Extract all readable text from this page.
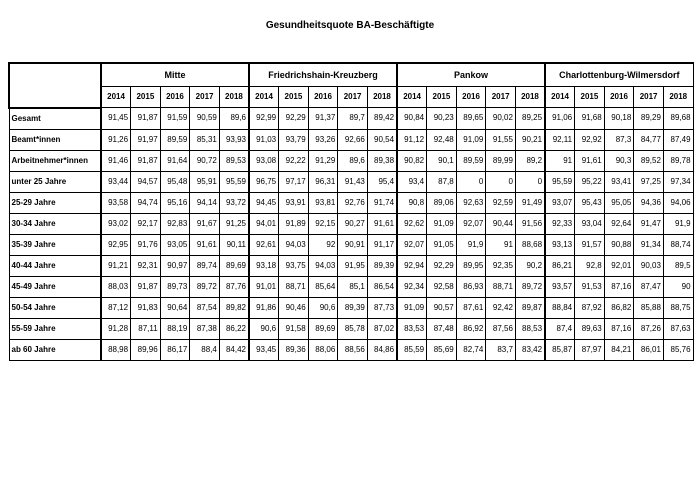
Gesundheitsquote BA-Beschäftigte
	Mitte					Friedrichshain-Kreuzberg					Pankow					Charlottenburg-Wilmersdorf				
	2014	2015	2016	2017	2018	2014	2015	2016	2017	2018	2014	2015	2016	2017	2018	2014	2015	2016	2017	2018
Gesamt	91,45	91,87	91,59	90,59	89,6	92,99	92,29	91,37	89,7	89,42	90,84	90,23	89,65	90,02	89,25	91,06	91,68	90,18	89,29	89,68
Beamt*innen	91,26	91,97	89,59	85,31	93,93	91,03	93,79	93,26	92,66	90,54	91,12	92,48	91,09	91,55	90,21	92,11	92,92	87,3	84,77	87,49
Arbeitnehmer*innen	91,46	91,87	91,64	90,72	89,53	93,08	92,22	91,29	89,6	89,38	90,82	90,1	89,59	89,99	89,2	91	91,61	90,3	89,52	89,78
unter 25 Jahre	93,44	94,57	95,48	95,91	95,59	96,75	97,17	96,31	91,43	95,4	93,4	87,8	0	0	0	95,59	95,22	93,41	97,25	97,34
25-29 Jahre	93,58	94,74	95,16	94,14	93,72	94,45	93,91	93,81	92,76	91,74	90,8	89,06	92,63	92,59	91,49	93,07	95,43	95,05	94,36	94,06
30-34 Jahre	93,02	92,17	92,83	91,67	91,25	94,01	91,89	92,15	90,27	91,61	92,62	91,09	92,07	90,44	91,56	92,33	93,04	92,64	91,47	91,9
35-39 Jahre	92,95	91,76	93,05	91,61	90,11	92,61	94,03	92	90,91	91,17	92,07	91,05	91,9	91	88,68	93,13	91,57	90,88	91,34	88,74
40-44 Jahre	91,21	92,31	90,97	89,74	89,69	93,18	93,75	94,03	91,95	89,39	92,94	92,29	89,95	92,35	90,2	86,21	92,8	92,01	90,03	89,5
45-49 Jahre	88,03	91,87	89,73	89,72	87,76	91,01	88,71	85,64	85,1	86,54	92,34	92,58	86,93	88,71	89,72	93,57	91,53	87,16	87,47	90
50-54 Jahre	87,12	91,83	90,64	87,54	89,82	91,86	90,46	90,6	89,39	87,73	91,09	90,57	87,61	92,42	89,87	88,84	87,92	86,82	85,88	88,75
55-59 Jahre	91,28	87,11	88,19	87,38	86,22	90,6	91,58	89,69	85,78	87,02	83,53	87,48	86,92	87,56	88,53	87,4	89,63	87,16	87,26	87,63
ab 60 Jahre	88,98	89,96	86,17	88,4	84,42	93,45	89,36	88,06	88,56	84,86	85,59	85,69	82,74	83,7	83,42	85,87	87,97	84,21	86,01	85,76
